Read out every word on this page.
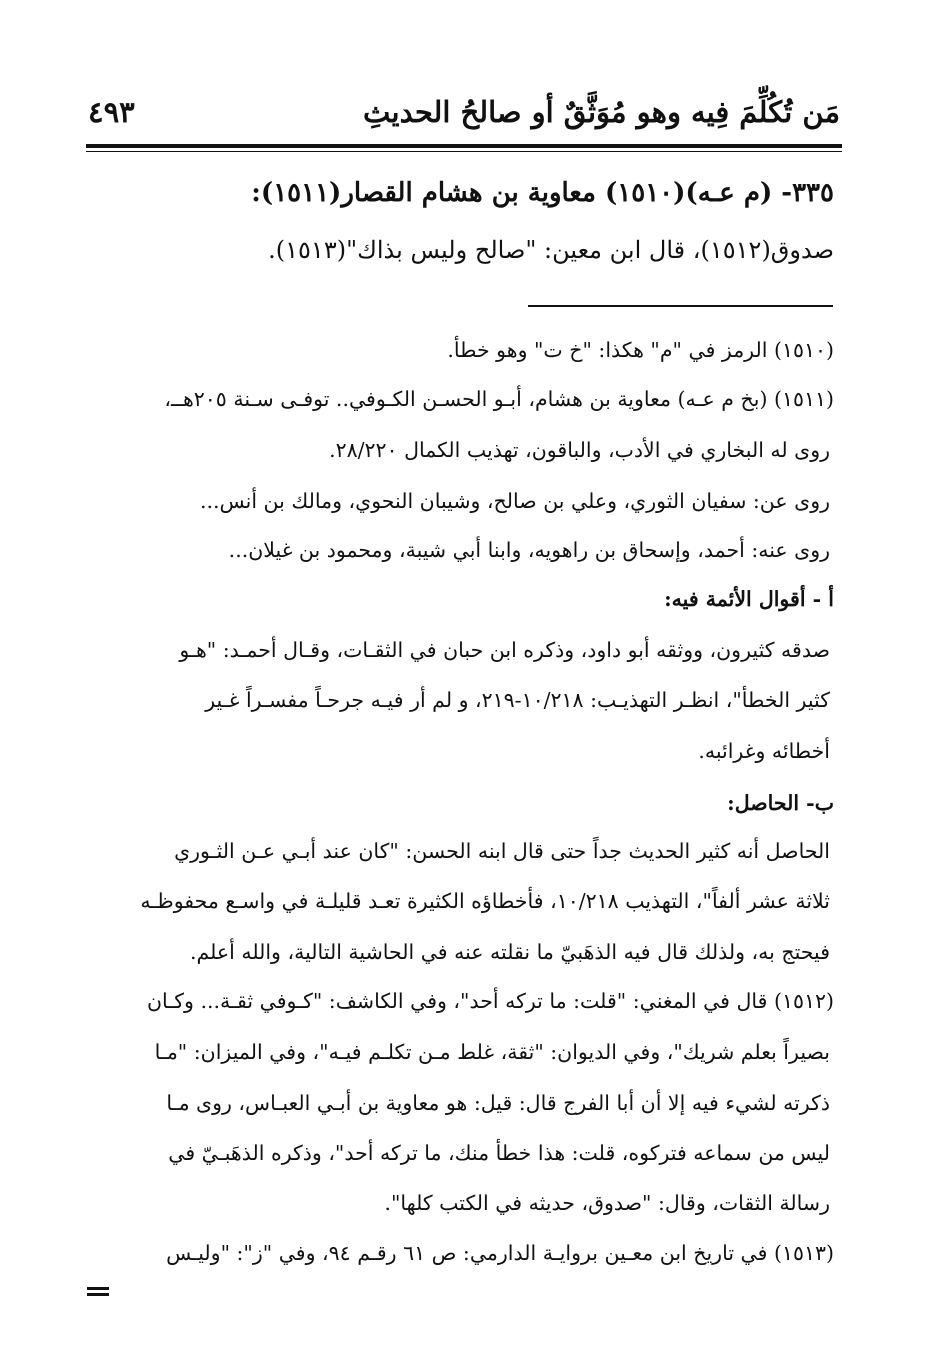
مَن تُكُلِّمَ فِيه وهو مُوَثَّقٌ أو صالحُ الحديثِ
٤٩٣
٣٣٥- (م عـه)(١٥١٠) معاوية بن هشام القصار(١٥١١):
صدوق(١٥١٢)، قال ابن معين: "صالح وليس بذاك"(١٥١٣).
(١٥١٠) الرمز في "م" هكذا: "خ ت" وهو خطأ.
(١٥١١) (بخ م عـه) معاوية بن هشام، أبـو الحسـن الكـوفي.. توفـى سـنة ٢٠٥هــ،
روى له البخاري في الأدب، والباقون، تهذيب الكمال ٢٨/٢٢٠.
روى عن: سفيان الثوري، وعلي بن صالح، وشيبان النحوي، ومالك بن أنس...
روى عنه: أحمد، وإسحاق بن راهويه، وابنا أبي شيبة، ومحمود بن غيلان...
أ - أقوال الأئمة فيه:
صدقه كثيرون، ووثقه أبو داود، وذكره ابن حبان في الثقـات، وقـال أحمـد: "هـو
كثير الخطأ"، انظـر التهذيـب: ١٠/٢١٨-٢١٩، و لم أر فيـه جرحـاً مفسـراً غـير
أخطائه وغرائبه.
ب- الحاصل:
الحاصل أنه كثير الحديث جداً حتى قال ابنه الحسن: "كان عند أبـي عـن الثـوري
ثلاثة عشر ألفاً"، التهذيب ١٠/٢١٨، فأخطاؤه الكثيرة تعـد قليلـة في واسـع محفوظـه
فيحتج به، ولذلك قال فيه الذهَبيّ ما نقلته عنه في الحاشية التالية، والله أعلم.
(١٥١٢) قال في المغني: "قلت: ما تركه أحد"، وفي الكاشف: "كـوفي ثقـة... وكـان
بصيراً بعلم شريك"، وفي الديوان: "ثقة، غلط مـن تكلـم فيـه"، وفي الميزان: "مـا
ذكرته لشيء فيه إلا أن أبا الفرج قال: قيل: هو معاوية بن أبـي العبـاس، روى مـا
ليس من سماعه فتركوه، قلت: هذا خطأ منك، ما تركه أحد"، وذكره الذهَبـيّ في
رسالة الثقات، وقال: "صدوق، حديثه في الكتب كلها".
(١٥١٣) في تاريخ ابن معـين بروايـة الدارمي: ص ٦١ رقـم ٩٤، وفي "ز": "وليـس
